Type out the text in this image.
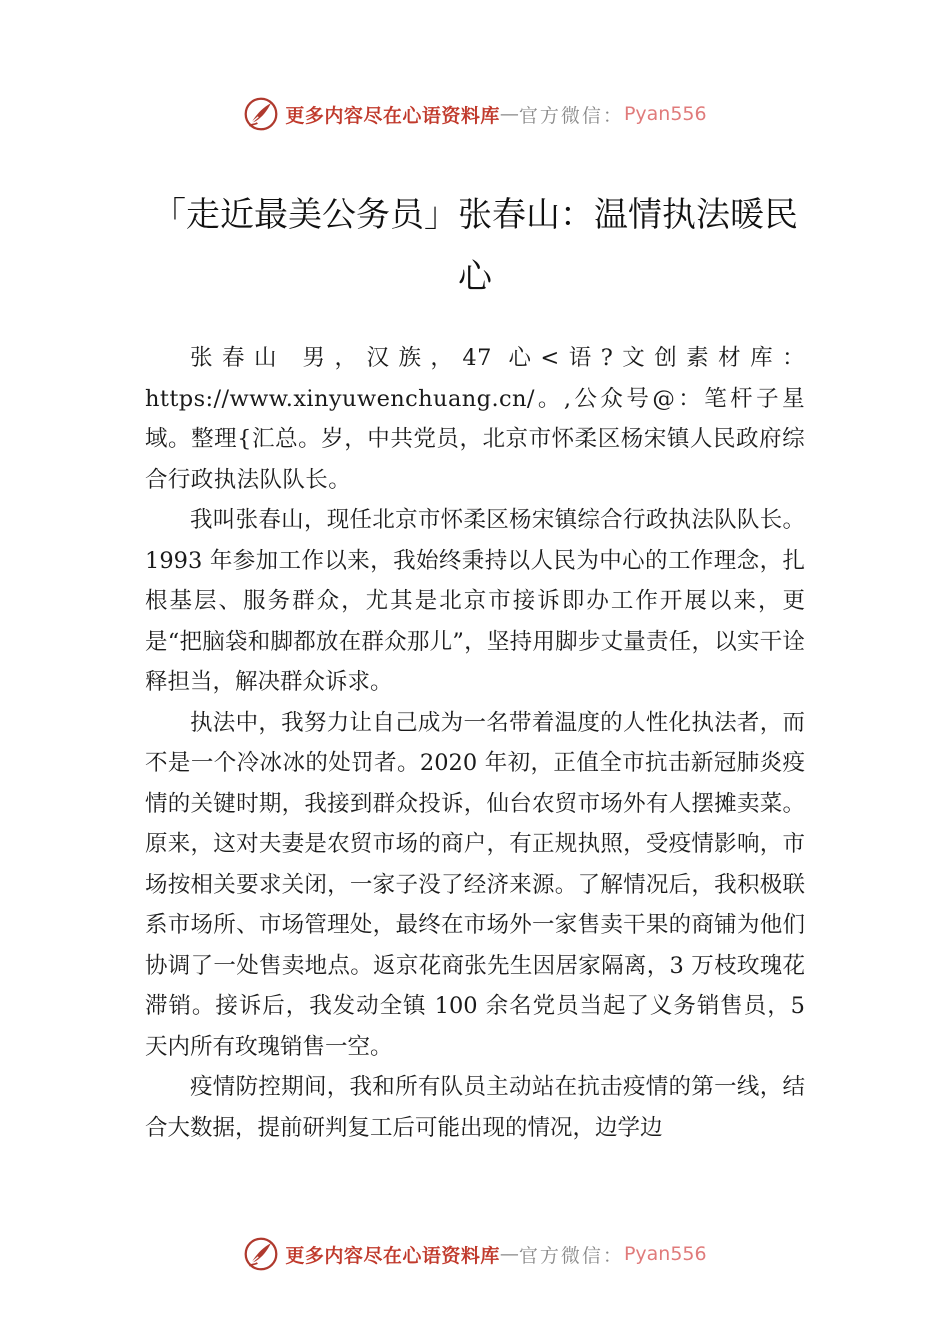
更多内容尽在心语资料库 — 官方微信： Pyan556
「走近最美公务员」张春山：温情执法暖民心

张春山 男，汉族，47 心<语?文创素材库：https://www.xinyuwenchuang.cn/。,公众号@：笔杆子星域。整理{汇总。岁，中共党员，北京市怀柔区杨宋镇人民政府综合行政执法队队长。

我叫张春山，现任北京市怀柔区杨宋镇综合行政执法队队长。1993 年参加工作以来，我始终秉持以人民为中心的工作理念，扎根基层、服务群众，尤其是北京市接诉即办工作开展以来，更是“把脑袋和脚都放在群众那儿”，坚持用脚步丈量责任，以实干诠释担当，解决群众诉求。

执法中，我努力让自己成为一名带着温度的人性化执法者，而不是一个冷冰冰的处罚者。2020 年初，正值全市抗击新冠肺炎疫情的关键时期，我接到群众投诉，仙台农贸市场外有人摆摊卖菜。原来，这对夫妻是农贸市场的商户，有正规执照，受疫情影响，市场按相关要求关闭，一家子没了经济来源。了解情况后，我积极联系市场所、市场管理处，最终在市场外一家售卖干果的商铺为他们协调了一处售卖地点。返京花商张先生因居家隔离，3 万枝玫瑰花滞销。接诉后，我发动全镇 100 余名党员当起了义务销售员，5 天内所有玫瑰销售一空。

疫情防控期间，我和所有队员主动站在抗击疫情的第一线，结合大数据，提前研判复工后可能出现的情况，边学边

更多内容尽在心语资料库 — 官方微信： Pyan556
